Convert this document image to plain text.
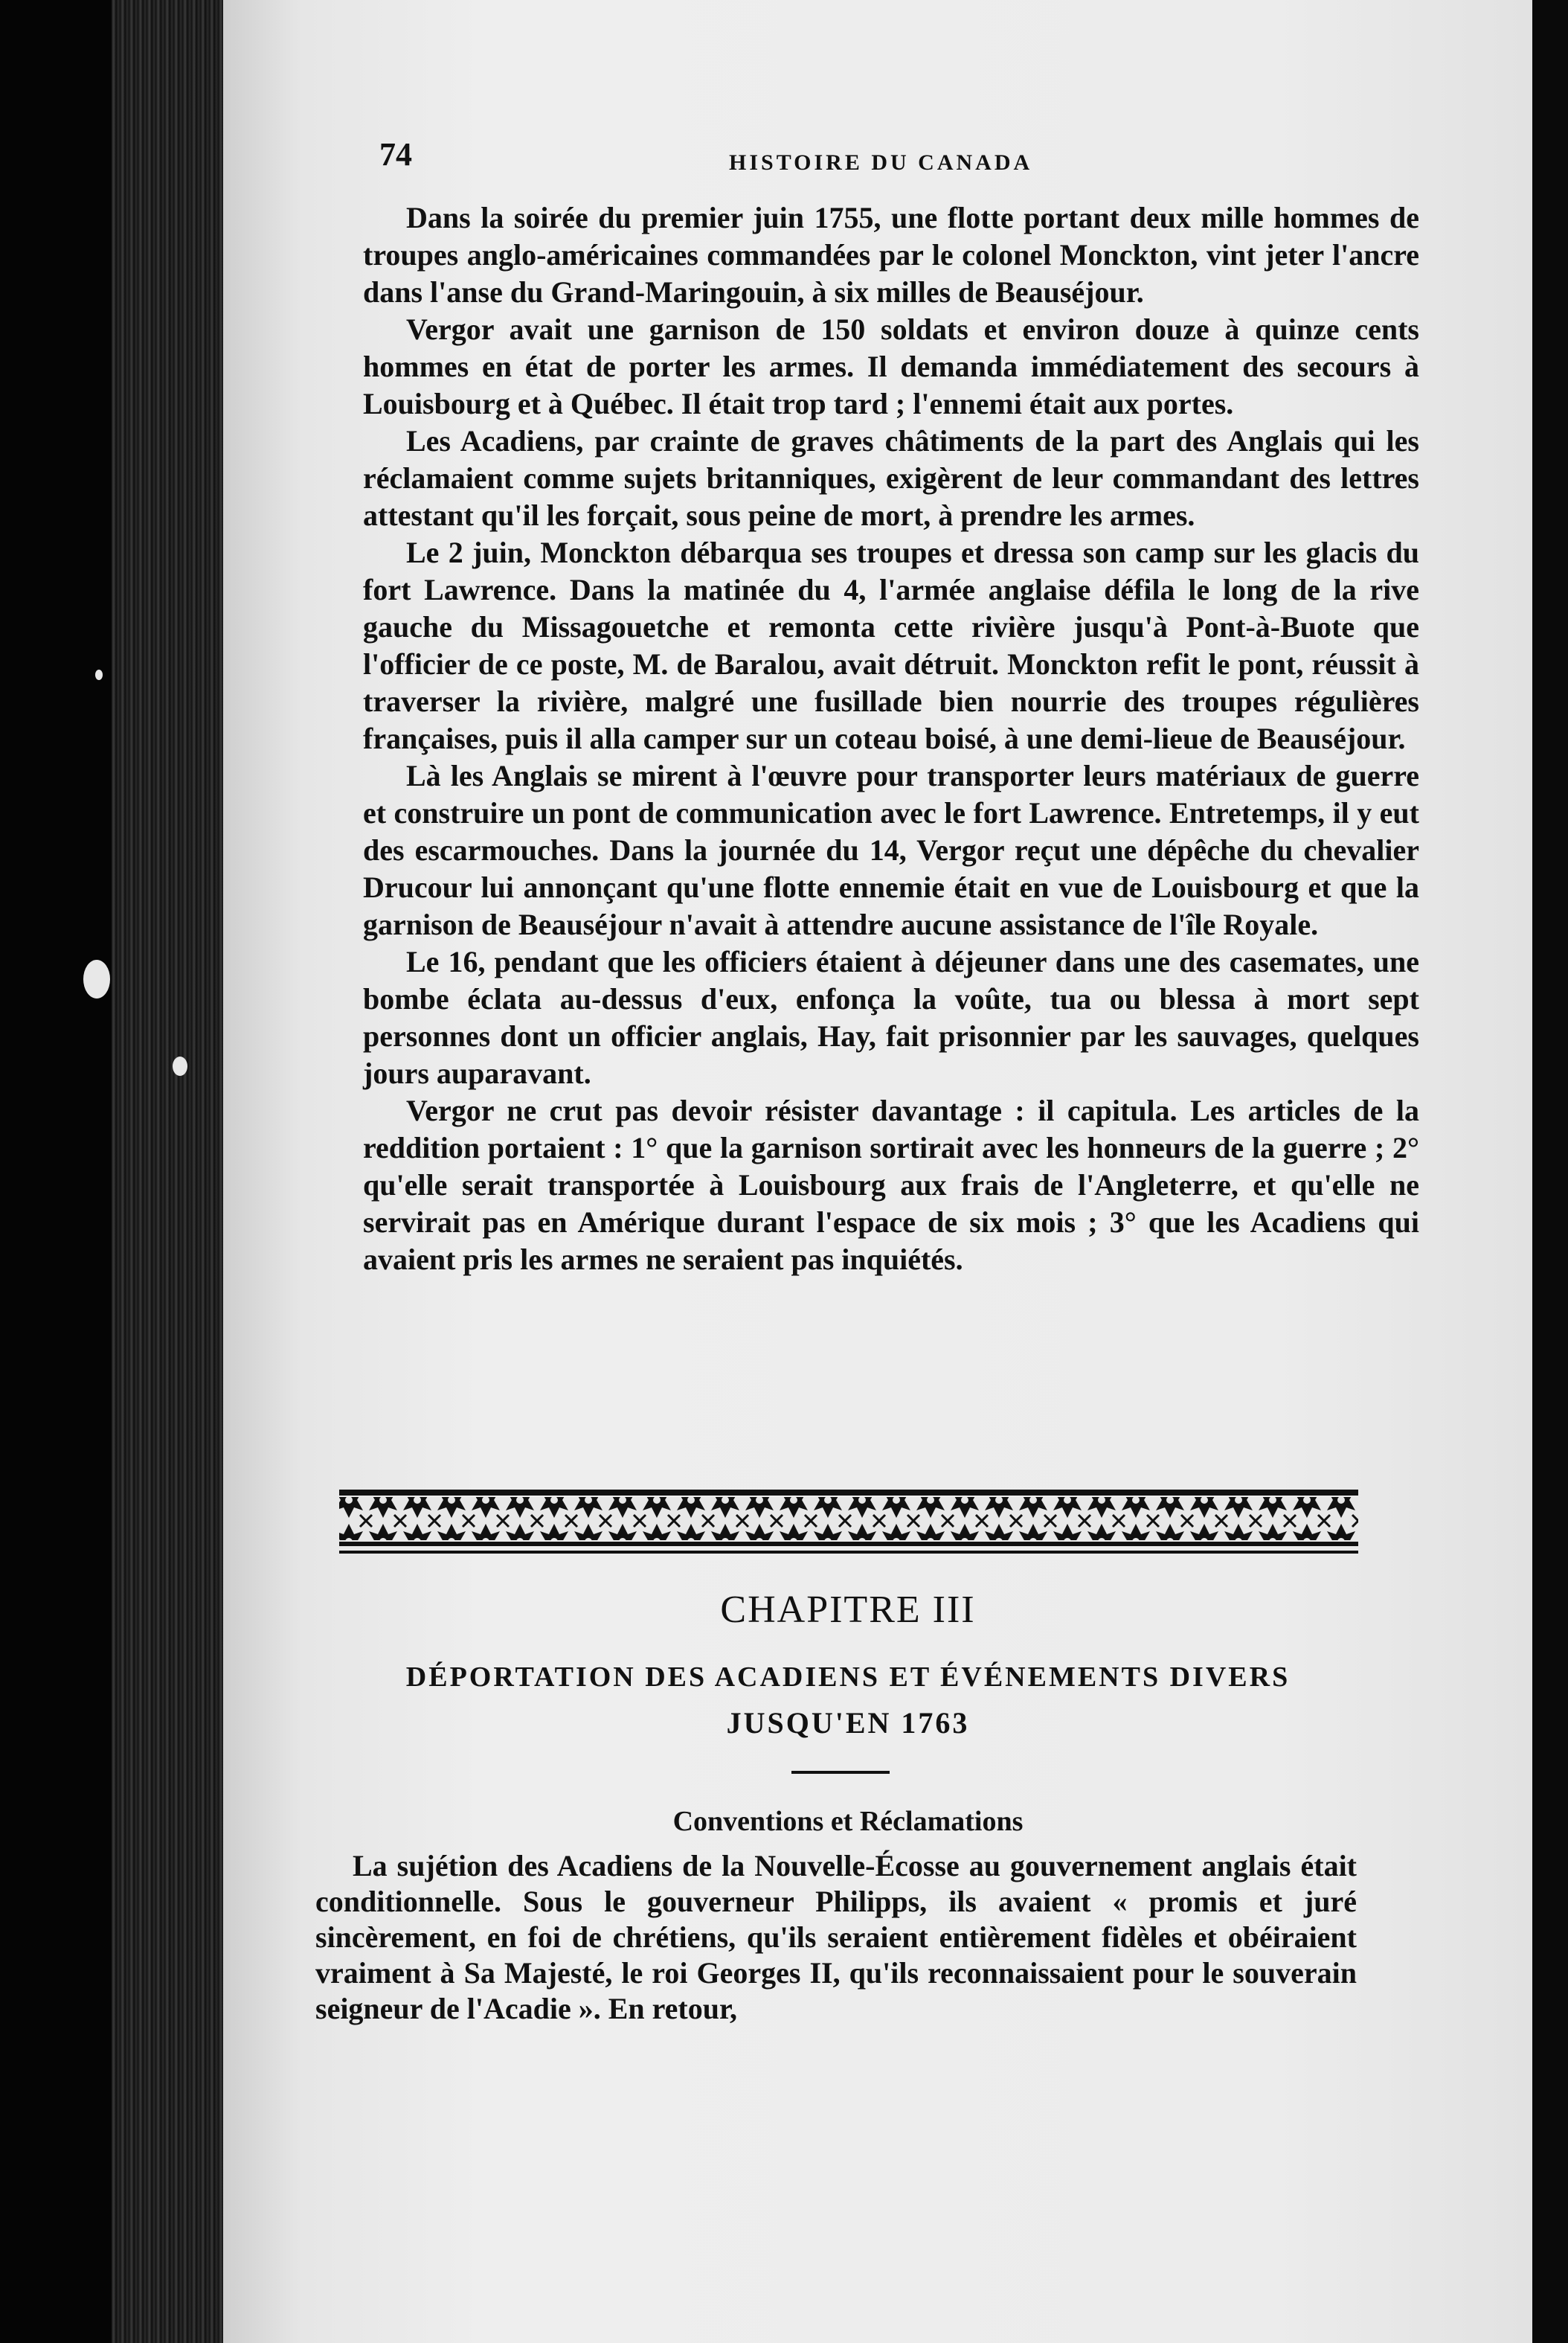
74	HISTOIRE DU CANADA

Dans la soirée du premier juin 1755, une flotte portant deux mille hommes de troupes anglo-américaines commandées par le colonel Monckton, vint jeter l'ancre dans l'anse du Grand-Maringouin, à six milles de Beauséjour.

Vergor avait une garnison de 150 soldats et environ douze à quinze cents hommes en état de porter les armes. Il demanda immédiatement des secours à Louisbourg et à Québec. Il était trop tard ; l'ennemi était aux portes.

Les Acadiens, par crainte de graves châtiments de la part des Anglais qui les réclamaient comme sujets britanniques, exigèrent de leur commandant des lettres attestant qu'il les forçait, sous peine de mort, à prendre les armes.

Le 2 juin, Monckton débarqua ses troupes et dressa son camp sur les glacis du fort Lawrence. Dans la matinée du 4, l'armée anglaise défila le long de la rive gauche du Missagouetche et remonta cette rivière jusqu'à Pont-à-Buote que l'officier de ce poste, M. de Baralou, avait détruit. Monckton refit le pont, réussit à traverser la rivière, malgré une fusillade bien nourrie des troupes régulières françaises, puis il alla camper sur un coteau boisé, à une demi-lieue de Beauséjour.

Là les Anglais se mirent à l'œuvre pour transporter leurs matériaux de guerre et construire un pont de communication avec le fort Lawrence. Entretemps, il y eut des escarmouches. Dans la journée du 14, Vergor reçut une dépêche du chevalier Drucour lui annonçant qu'une flotte ennemie était en vue de Louisbourg et que la garnison de Beauséjour n'avait à attendre aucune assistance de l'île Royale.

Le 16, pendant que les officiers étaient à déjeuner dans une des casemates, une bombe éclata au-dessus d'eux, enfonça la voûte, tua ou blessa à mort sept personnes dont un officier anglais, Hay, fait prisonnier par les sauvages, quelques jours auparavant.

Vergor ne crut pas devoir résister davantage : il capitula. Les articles de la reddition portaient : 1° que la garnison sortirait avec les honneurs de la guerre ; 2° qu'elle serait transportée à Louisbourg aux frais de l'Angleterre, et qu'elle ne servirait pas en Amérique durant l'espace de six mois ; 3° que les Acadiens qui avaient pris les armes ne seraient pas inquiétés.

CHAPITRE III
DÉPORTATION DES ACADIENS ET ÉVÉNEMENTS DIVERS
JUSQU'EN 1763
Conventions et Réclamations

La sujétion des Acadiens de la Nouvelle-Écosse au gouvernement anglais était conditionnelle. Sous le gouverneur Philipps, ils avaient « promis et juré sincèrement, en foi de chrétiens, qu'ils seraient entièrement fidèles et obéiraient vraiment à Sa Majesté, le roi Georges II, qu'ils reconnaissaient pour le souverain seigneur de l'Acadie ». En retour,
